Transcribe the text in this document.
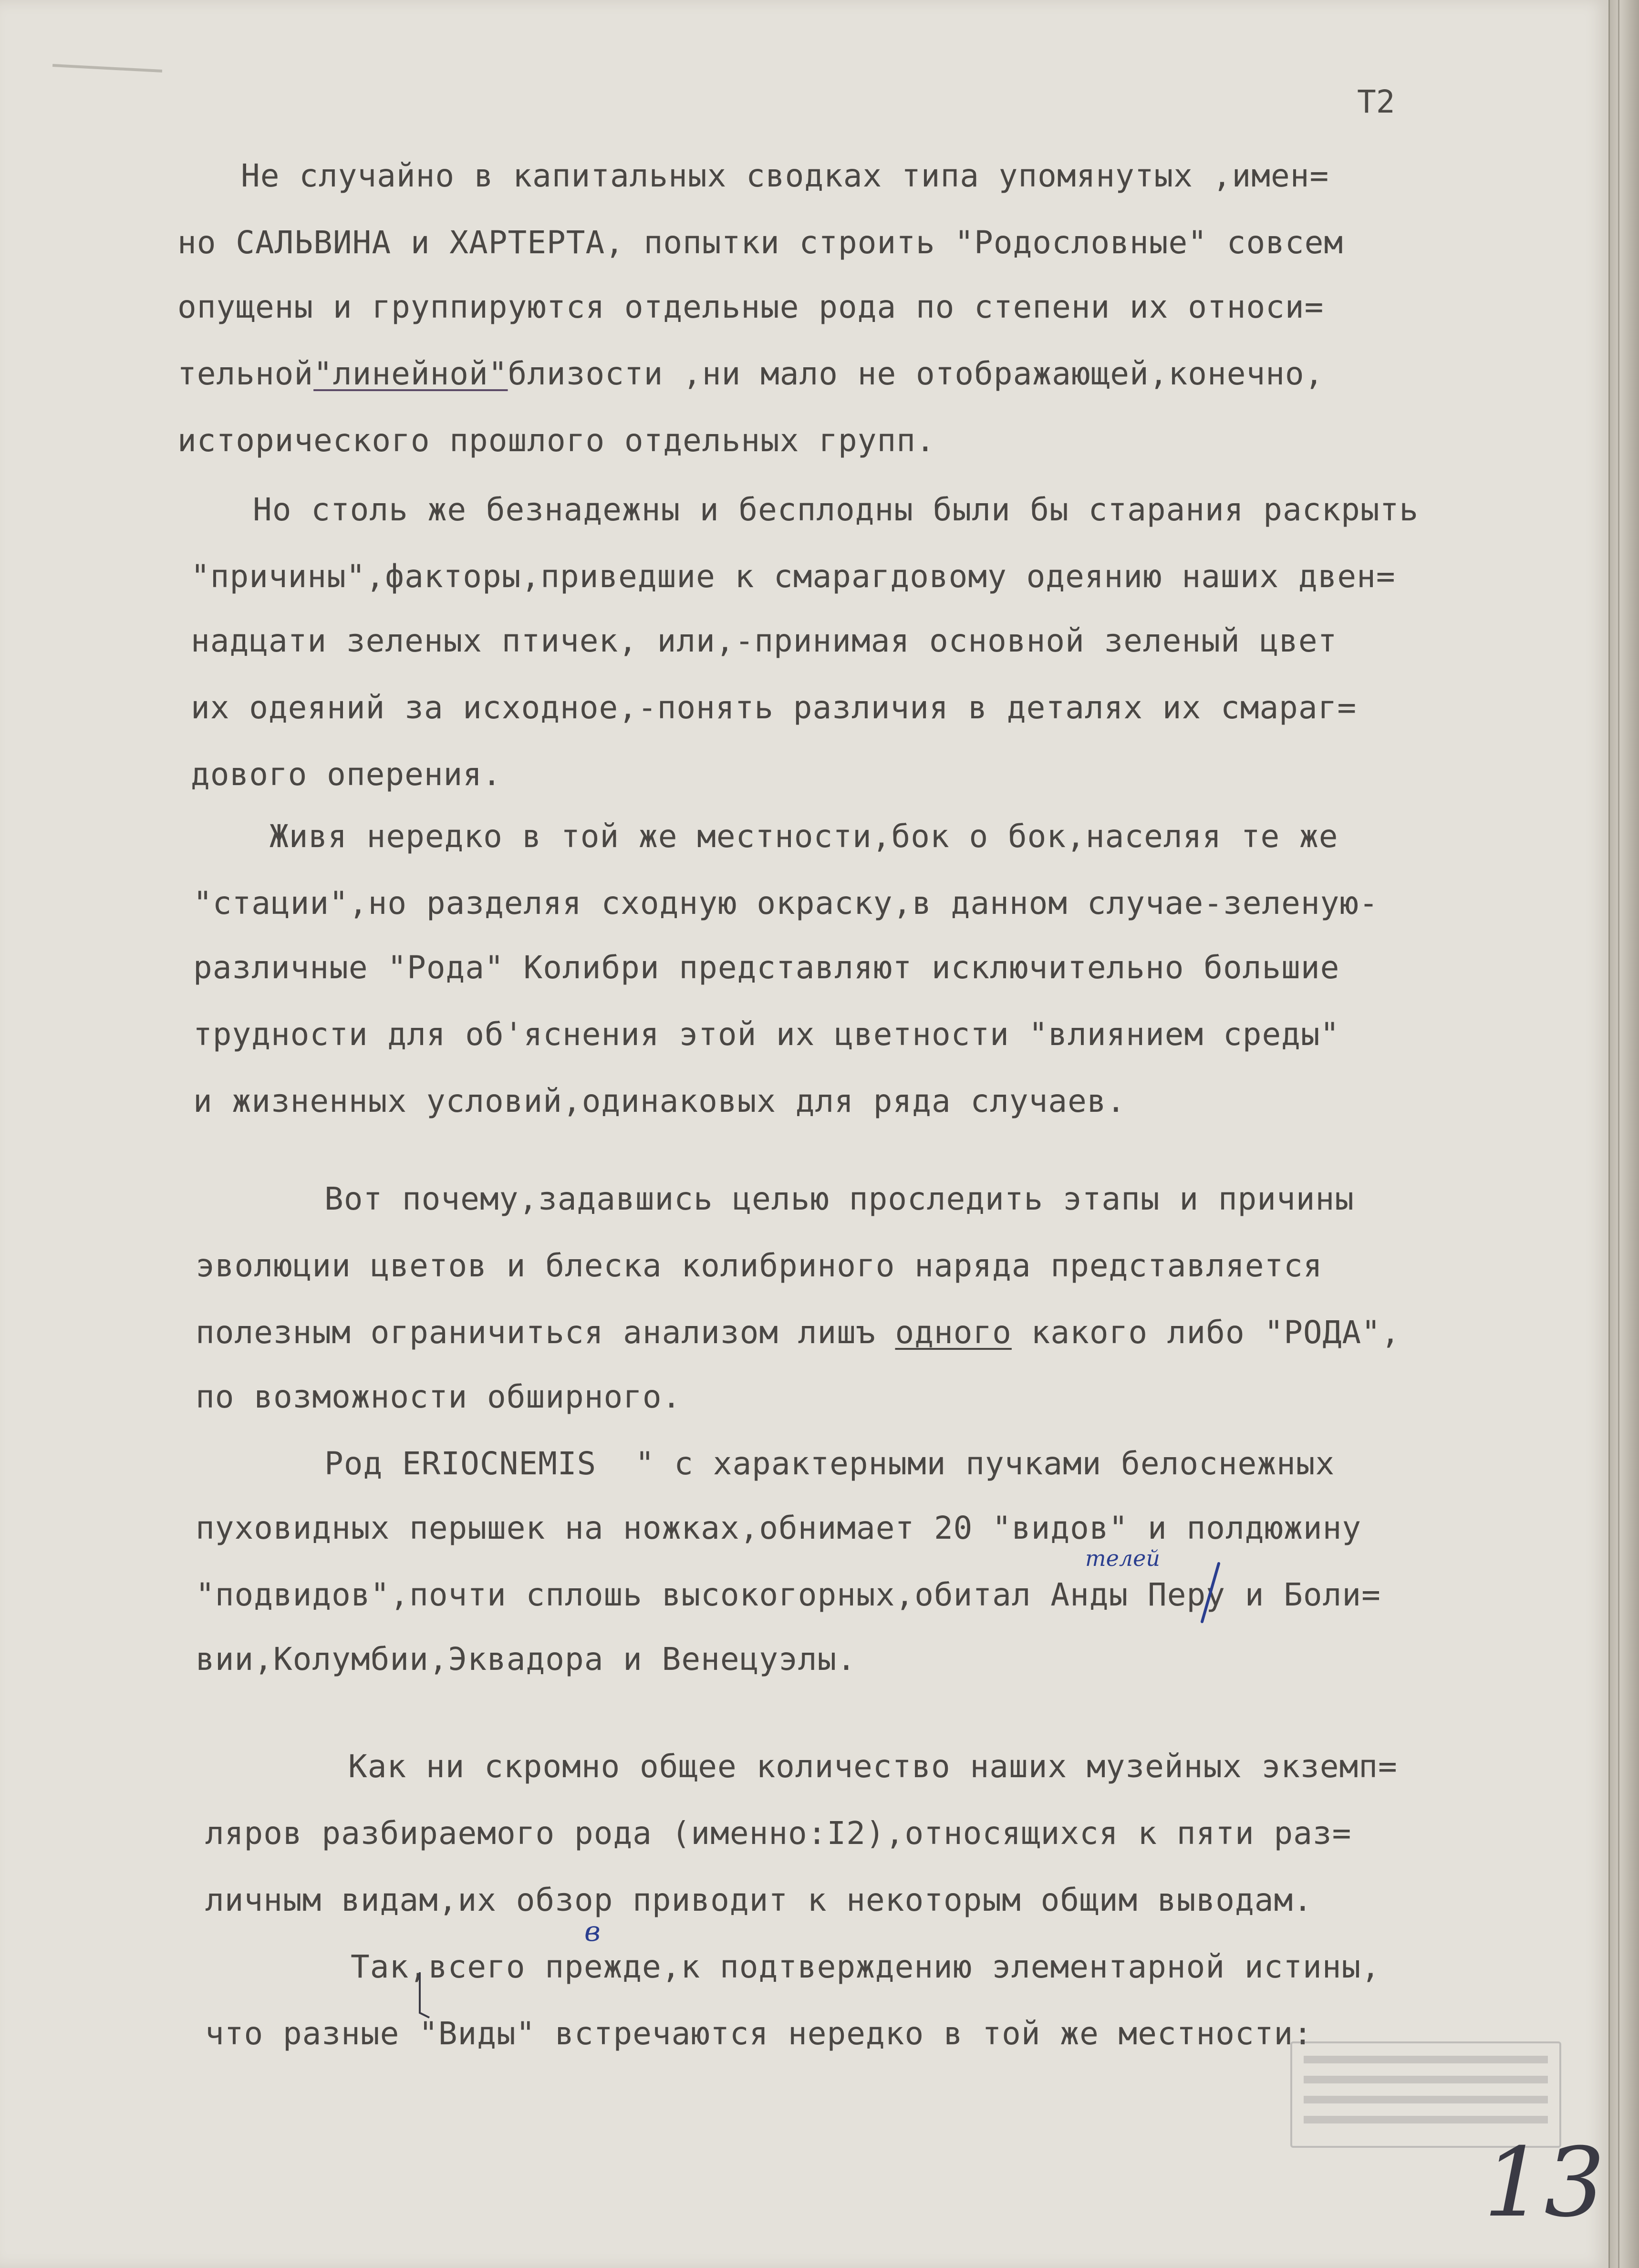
Т2
Не случайно в капитальных сводках типа упомянутых ,имен=
но САЛЬВИНА и ХАРТЕРТА, попытки строить "Родословные" совсем
опущены и группируются отдельные рода по степени их относи=
тельной"линейной"близости ,ни мало не отображающей,конечно,
исторического прошлого отдельных групп.
Но столь же безнадежны и бесплодны были бы старания раскрыть
"причины",факторы,приведшие к смарагдовому одеянию наших двен=
надцати зеленых птичек, или,-принимая основной зеленый цвет
их одеяний за исходное,-понять различия в деталях их смараг=
дового оперения.
Живя нередко в той же местности,бок о бок,населяя те же
"стации",но разделяя сходную окраску,в данном случае-зеленую-
различные "Рода" Колибри представляют исключительно большие
трудности для об'яснения этой их цветности "влиянием среды"
и жизненных условий,одинаковых для ряда случаев.
Вот почему,задавшись целью проследить этапы и причины
эволюции цветов и блеска колибриного наряда представляется
полезным ограничиться анализом лишъ одного какого либо "РОДА",
по возможности обширного.
Род ERIOCNEMIS  " с характерными пучками белоснежных
пуховидных перышек на ножках,обнимает 20 "видов" и полдюжину
"подвидов",почти сплошь высокогорных,обитал Анды Перу и Боли=
вии,Колумбии,Эквадора и Венецуэлы.
Как ни скромно общее количество наших музейных экземп=
ляров разбираемого рода (именно:I2),относящихся к пяти раз=
личным видам,их обзор приводит к некоторым общим выводам.
Так,всего прежде,к подтверждению элементарной истины,
что разные "Виды" встречаются нередко в той же местности:
телей
в
13
